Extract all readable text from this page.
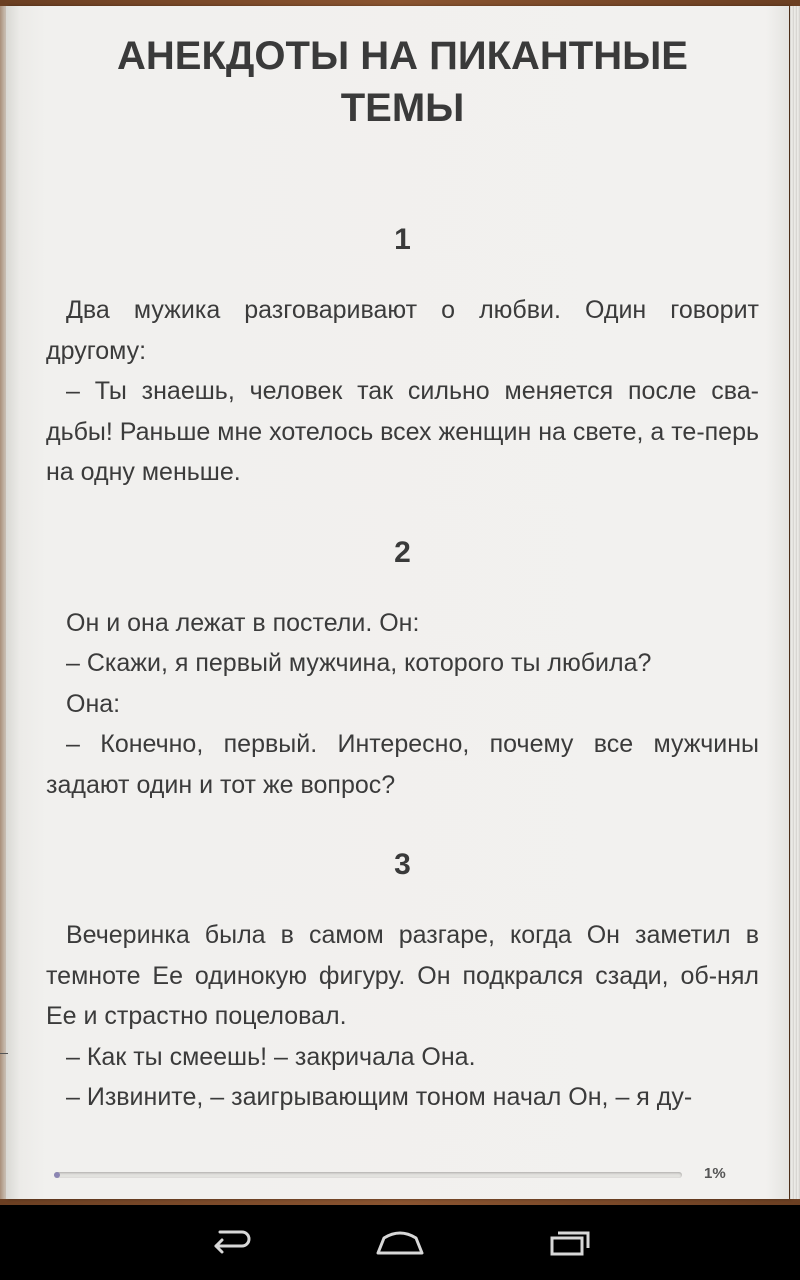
АНЕКДОТЫ НА ПИКАНТНЫЕ ТЕМЫ
1

Два мужика разговаривают о любви. Один говорит другому:

– Ты знаешь, человек так сильно меняется после сва-дьбы! Раньше мне хотелось всех женщин на свете, а те-перь на одну меньше.

2

Он и она лежат в постели. Он:

– Скажи, я первый мужчина, которого ты любила?

Она:

– Конечно, первый. Интересно, почему все мужчины задают один и тот же вопрос?

3

Вечеринка была в самом разгаре, когда Он заметил в темноте Ее одинокую фигуру. Он подкрался сзади, об-нял Ее и страстно поцеловал.

– Как ты смеешь! – закричала Она.

– Извините, – заигрывающим тоном начал Он, – я ду-

1%
